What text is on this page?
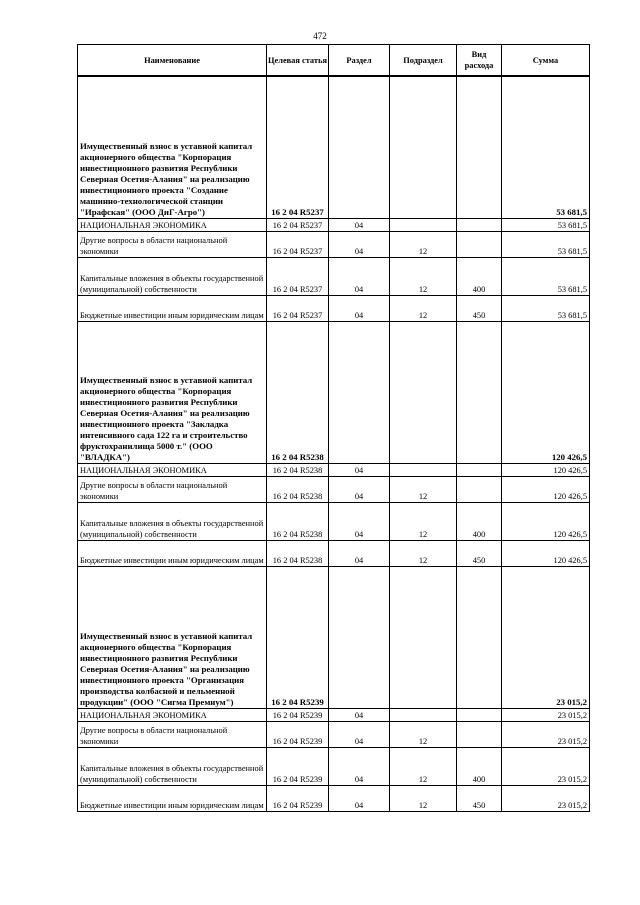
472
Наименование	Целевая статья	Раздел	Подраздел	Вид расхода	Сумма
Имущественный взнос в уставной капитал акционерного общества "Корпорация инвестиционного развития Республики Северная Осетия-Алания" на реализацию инвестиционного проекта "Создание машинно-технологической станции "Ирафская" (ООО ДиГ-Агро")	16 2 04 R5237				53 681,5
НАЦИОНАЛЬНАЯ ЭКОНОМИКА	16 2 04 R5237	04			53 681,5
Другие вопросы в области национальной экономики	16 2 04 R5237	04	12		53 681,5
Капитальные вложения в объекты государственной (муниципальной) собственности	16 2 04 R5237	04	12	400	53 681,5
Бюджетные инвестиции иным юридическим лицам	16 2 04 R5237	04	12	450	53 681,5
Имущественный взнос в уставной капитал акционерного общества "Корпорация инвестиционного развития Республики Северная Осетия-Алания" на реализацию инвестиционного проекта "Закладка интенсивного сада 122 га и строительство фруктохранилища 5000 т." (ООО "ВЛАДКА")	16 2 04 R5238				120 426,5
НАЦИОНАЛЬНАЯ ЭКОНОМИКА	16 2 04 R5238	04			120 426,5
Другие вопросы в области национальной экономики	16 2 04 R5238	04	12		120 426,5
Капитальные вложения в объекты государственной (муниципальной) собственности	16 2 04 R5238	04	12	400	120 426,5
Бюджетные инвестиции иным юридическим лицам	16 2 04 R5238	04	12	450	120 426,5
Имущественный взнос в уставной капитал акционерного общества "Корпорация инвестиционного развития Республики Северная Осетия-Алания" на реализацию инвестиционного проекта "Организация производства колбасной и пельменной продукции" (ООО "Сигма Премиум")	16 2 04 R5239				23 015,2
НАЦИОНАЛЬНАЯ ЭКОНОМИКА	16 2 04 R5239	04			23 015,2
Другие вопросы в области национальной экономики	16 2 04 R5239	04	12		23 015,2
Капитальные вложения в объекты государственной (муниципальной) собственности	16 2 04 R5239	04	12	400	23 015,2
Бюджетные инвестиции иным юридическим лицам	16 2 04 R5239	04	12	450	23 015,2
